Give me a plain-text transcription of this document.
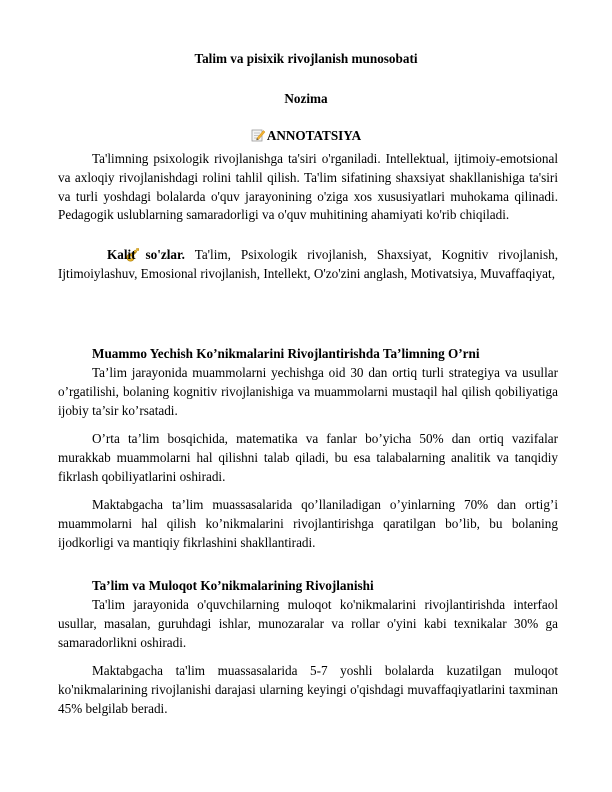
Talim va pisixik rivojlanish munosobati
Nozima
ANNOTATSIYA
Ta'limning psixologik rivojlanishga ta'siri o'rganiladi. Intellektual, ijtimoiy-emotsional va axloqiy rivojlanishdagi rolini tahlil qilish. Ta'lim sifatining shaxsiyat shakllanishiga ta'siri va turli yoshdagi bolalarda o'quv jarayonining o'ziga xos xususiyatlari muhokama qilinadi. Pedagogik uslublarning samaradorligi va o'quv muhitining ahamiyati ko'rib chiqiladi.
Kalit so'zlar. Ta'lim, Psixologik rivojlanish, Shaxsiyat, Kognitiv rivojlanish, Ijtimoiylashuv, Emosional rivojlanish, Intellekt, O'zo'zini anglash, Motivatsiya, Muvaffaqiyat,
Muammo Yechish Ko’nikmalarini Rivojlantirishda Ta’limning O’rni
Ta’lim jarayonida muammolarni yechishga oid 30 dan ortiq turli strategiya va usullar o’rgatilishi, bolaning kognitiv rivojlanishiga va muammolarni mustaqil hal qilish qobiliyatiga ijobiy ta’sir ko’rsatadi.
O’rta ta’lim bosqichida, matematika va fanlar bo’yicha 50% dan ortiq vazifalar murakkab muammolarni hal qilishni talab qiladi, bu esa talabalarning analitik va tanqidiy fikrlash qobiliyatlarini oshiradi.
Maktabgacha ta’lim muassasalarida qo’llaniladigan o’yinlarning 70% dan ortig’i muammolarni hal qilish ko’nikmalarini rivojlantirishga qaratilgan bo’lib, bu bolaning ijodkorligi va mantiqiy fikrlashini shakllantiradi.
Ta’lim va Muloqot Ko’nikmalarining Rivojlanishi
Ta'lim jarayonida o'quvchilarning muloqot ko'nikmalarini rivojlantirishda interfaol usullar, masalan, guruhdagi ishlar, munozaralar va rollar o'yini kabi texnikalar 30% ga samaradorlikni oshiradi.
Maktabgacha ta'lim muassasalarida 5-7 yoshli bolalarda kuzatilgan muloqot ko'nikmalarining rivojlanishi darajasi ularning keyingi o'qishdagi muvaffaqiyatlarini taxminan 45% belgilab beradi.
